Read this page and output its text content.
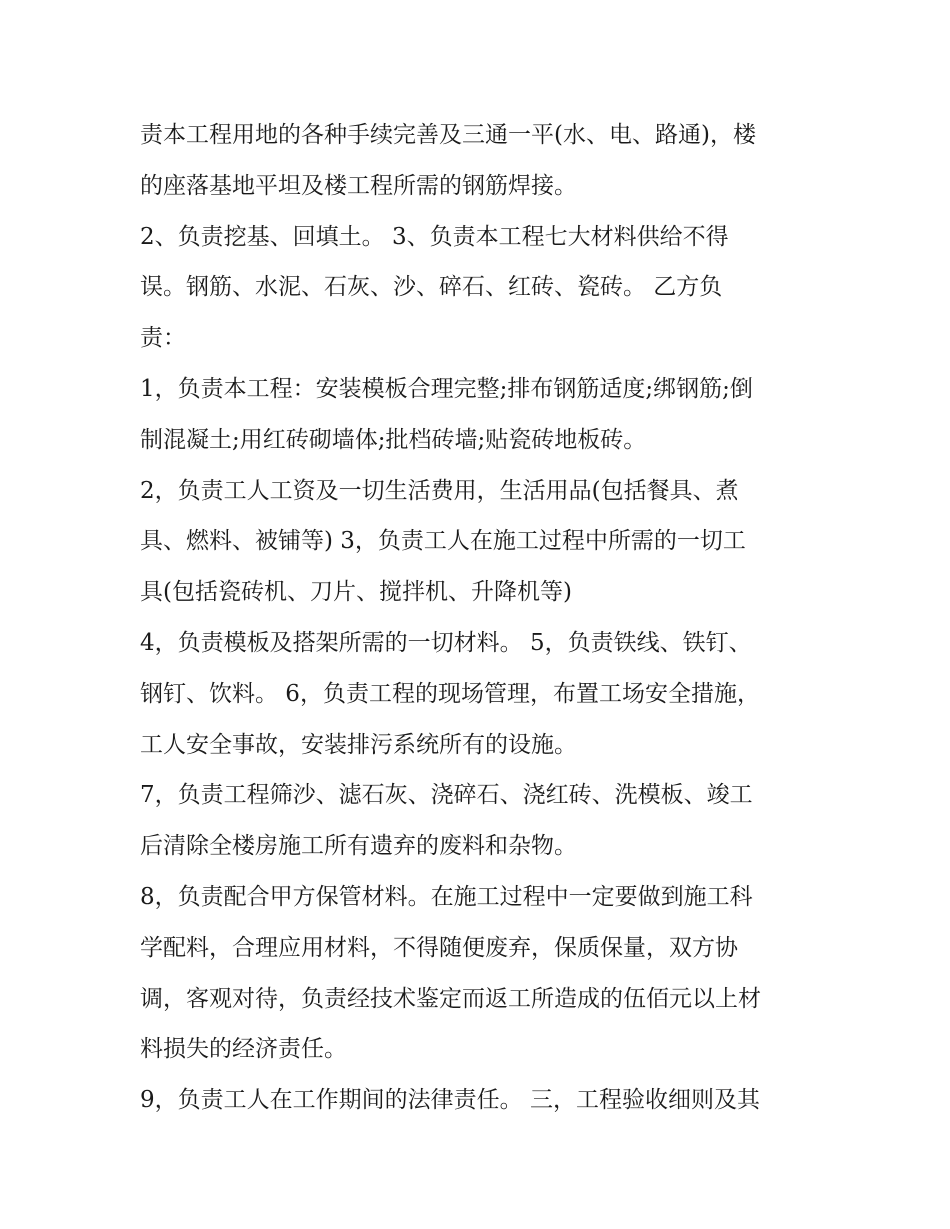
责本工程用地的各种手续完善及三通一平(水、电、路通)，楼
的座落基地平坦及楼工程所需的钢筋焊接。
2、负责挖基、回填土。 3、负责本工程七大材料供给不得
误。钢筋、水泥、石灰、沙、碎石、红砖、瓷砖。 乙方负
责：
1，负责本工程：安装模板合理完整;排布钢筋适度;绑钢筋;倒
制混凝土;用红砖砌墙体;批档砖墙;贴瓷砖地板砖。
2，负责工人工资及一切生活费用，生活用品(包括餐具、煮
具、燃料、被铺等) 3，负责工人在施工过程中所需的一切工
具(包括瓷砖机、刀片、搅拌机、升降机等)
4，负责模板及搭架所需的一切材料。 5，负责铁线、铁钉、
钢钉、饮料。 6，负责工程的现场管理，布置工场安全措施，
工人安全事故，安装排污系统所有的设施。
7，负责工程筛沙、滤石灰、浇碎石、浇红砖、洗模板、竣工
后清除全楼房施工所有遗弃的废料和杂物。
8，负责配合甲方保管材料。在施工过程中一定要做到施工科
学配料，合理应用材料，不得随便废弃，保质保量，双方协
调，客观对待，负责经技术鉴定而返工所造成的伍佰元以上材
料损失的经济责任。
9，负责工人在工作期间的法律责任。 三，工程验收细则及其
